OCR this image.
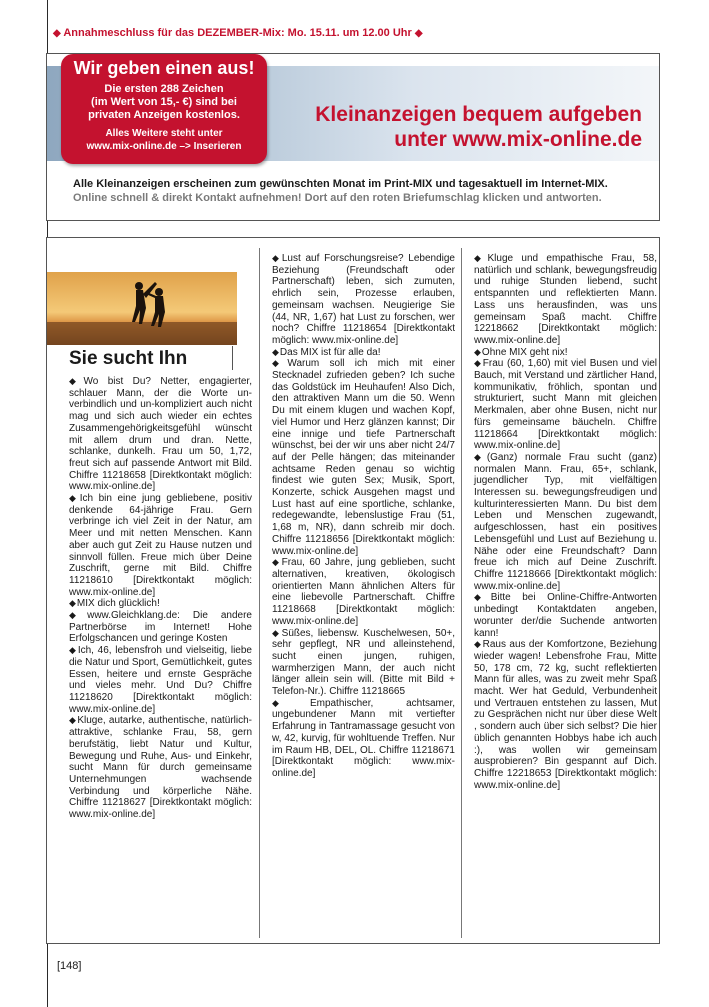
◆ Annahmeschluss für das DEZEMBER-Mix: Mo. 15.11. um 12.00 Uhr ◆
Wir geben einen aus!
Die ersten 288 Zeichen
(im Wert von 15,- €) sind bei
privaten Anzeigen kostenlos.
Alles Weitere steht unter
www.mix-online.de –> Inserieren
Kleinanzeigen bequem aufgeben
unter www.mix-online.de
Alle Kleinanzeigen erscheinen zum gewünschten Monat im Print-MIX und tagesaktuell im Internet-MIX.
Online schnell & direkt Kontakt aufnehmen! Dort auf den roten Briefumschlag klicken und antworten.
Sie sucht Ihn

◆ Wo bist Du? Netter, engagierter, schlauer Mann, der die Worte un-verbindlich und un-kompliziert auch nicht mag und sich auch wieder ein echtes Zusammengehörigkeitsgefühl wünscht mit allem drum und dran. Nette, schlanke, dunkelh. Frau um 50, 1,72, freut sich auf passende Antwort mit Bild. Chiffre 11218658 [Direktkontakt möglich: www.mix-online.de]

◆ Ich bin eine jung gebliebene, positiv denkende 64-jährige Frau. Gern verbringe ich viel Zeit in der Natur, am Meer und mit netten Menschen. Kann aber auch gut Zeit zu Hause nutzen und sinnvoll füllen. Freue mich über Deine Zuschrift, gerne mit Bild. Chiffre 11218610 [Direktkontakt möglich: www.mix-online.de]

◆ MIX dich glücklich!

◆ www.Gleichklang.de: Die andere Partnerbörse im Internet! Hohe Erfolgschancen und geringe Kosten

◆ Ich, 46, lebensfroh und vielseitig, liebe die Natur und Sport, Gemütlichkeit, gutes Essen, heitere und ernste Gespräche und vieles mehr. Und Du? Chiffre 11218620 [Direktkontakt möglich: www.mix-online.de]

◆ Kluge, autarke, authentische, natürlich-attraktive, schlanke Frau, 58, gern berufstätig, liebt Natur und Kultur, Bewegung und Ruhe, Aus- und Einkehr, sucht Mann für durch gemeinsame Unternehmungen wachsende Verbindung und körperliche Nähe. Chiffre 11218627 [Direktkontakt möglich: www.mix-online.de]

◆ Lust auf Forschungsreise? Lebendige Beziehung (Freundschaft oder Partnerschaft) leben, sich zumuten, ehrlich sein, Prozesse erlauben, gemeinsam wachsen. Neugierige Sie (44, NR, 1,67) hat Lust zu forschen, wer noch? Chiffre 11218654 [Direktkontakt möglich: www.mix-online.de]

◆ Das MIX ist für alle da!

◆ Warum soll ich mich mit einer Stecknadel zufrieden geben? Ich suche das Goldstück im Heuhaufen! Also Dich, den attraktiven Mann um die 50. Wenn Du mit einem klugen und wachen Kopf, viel Humor und Herz glänzen kannst; Dir eine innige und tiefe Partnerschaft wünschst, bei der wir uns aber nicht 24/7 auf der Pelle hängen; das miteinander achtsame Reden genau so wichtig findest wie guten Sex; Musik, Sport, Konzerte, schick Ausgehen magst und Lust hast auf eine sportliche, schlanke, redegewandte, lebenslustige Frau (51, 1,68 m, NR), dann schreib mir doch. Chiffre 11218656 [Direktkontakt möglich: www.mix-online.de]

◆ Frau, 60 Jahre, jung geblieben, sucht alternativen, kreativen, ökologisch orientierten Mann ähnlichen Alters für eine liebevolle Partnerschaft. Chiffre 11218668 [Direktkontakt möglich: www.mix-online.de]

◆ Süßes, liebensw. Kuschelwesen, 50+, sehr gepflegt, NR und alleinstehend, sucht einen jungen, ruhigen, warmherzigen Mann, der auch nicht länger allein sein will. (Bitte mit Bild + Telefon-Nr.). Chiffre 11218665

◆ Empathischer, achtsamer, ungebundener Mann mit vertiefter Erfahrung in Tantramassage gesucht von w, 42, kurvig, für wohltuende Treffen. Nur im Raum HB, DEL, OL. Chiffre 11218671 [Direktkontakt möglich: www.mix-online.de]

◆ Kluge und empathische Frau, 58, natürlich und schlank, bewegungsfreudig und ruhige Stunden liebend, sucht entspannten und reflektierten Mann. Lass uns herausfinden, was uns gemeinsam Spaß macht. Chiffre 12218662 [Direktkontakt möglich: www.mix-online.de]

◆ Ohne MIX geht nix!

◆ Frau (60, 1,60) mit viel Busen und viel Bauch, mit Verstand und zärtlicher Hand, kommunikativ, fröhlich, spontan und strukturiert, sucht Mann mit gleichen Merkmalen, aber ohne Busen, nicht nur fürs gemeinsame bäucheln. Chiffre 11218664 [Direktkontakt möglich: www.mix-online.de]

◆ (Ganz) normale Frau sucht (ganz) normalen Mann. Frau, 65+, schlank, jugendlicher Typ, mit vielfältigen Interessen su. bewegungsfreudigen und kulturinteressierten Mann. Du bist dem Leben und Menschen zugewandt, aufgeschlossen, hast ein positives Lebensgefühl und Lust auf Beziehung u. Nähe oder eine Freundschaft? Dann freue ich mich auf Deine Zuschrift. Chiffre 11218666 [Direktkontakt möglich: www.mix-online.de]

◆ Bitte bei Online-Chiffre-Antworten unbedingt Kontaktdaten angeben, worunter der/die Suchende antworten kann!

◆ Raus aus der Komfortzone, Beziehung wieder wagen! Lebensfrohe Frau, Mitte 50, 178 cm, 72 kg, sucht reflektierten Mann für alles, was zu zweit mehr Spaß macht. Wer hat Geduld, Verbundenheit und Vertrauen entstehen zu lassen, Mut zu Gesprächen nicht nur über diese Welt , sondern auch über sich selbst? Die hier üblich genannten Hobbys habe ich auch :), was wollen wir gemeinsam ausprobieren? Bin gespannt auf Dich. Chiffre 12218653 [Direktkontakt möglich: www.mix-online.de]

[148]
